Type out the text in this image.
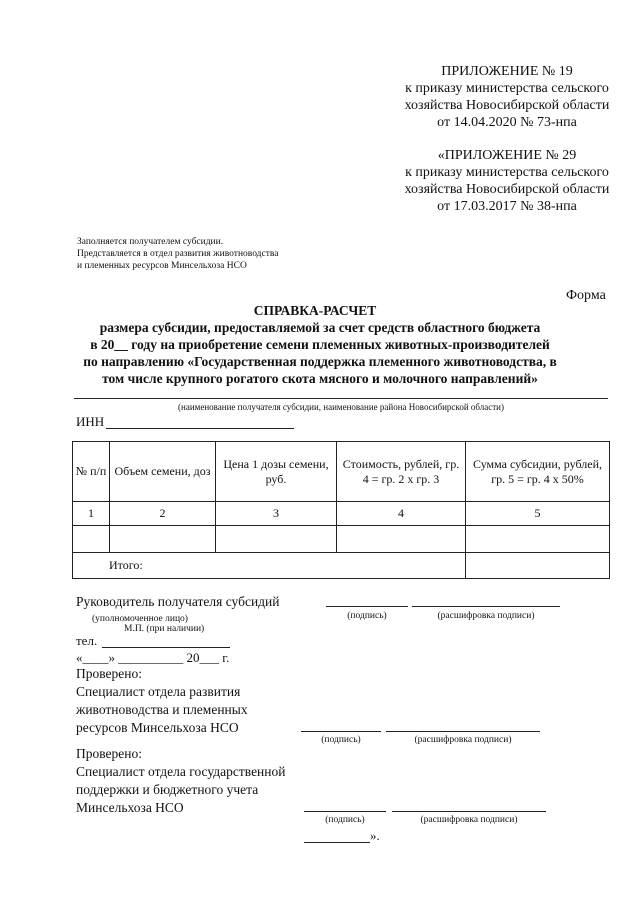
ПРИЛОЖЕНИЕ № 19
к приказу министерства сельского
хозяйства Новосибирской области
от 14.04.2020 № 73-нпа
«ПРИЛОЖЕНИЕ № 29
к приказу министерства сельского
хозяйства Новосибирской области
от 17.03.2017 № 38-нпа
Заполняется получателем субсидии.
Представляется в отдел развития животноводства
и племенных ресурсов Минсельхоза НСО
Форма
СПРАВКА-РАСЧЕТ
размера субсидии, предоставляемой за счет средств областного бюджета
в 20__ году на приобретение семени племенных животных-производителей
по направлению «Государственная поддержка племенного животноводства, в
том числе крупного рогатого скота мясного и молочного направлений»
(наименование получателя субсидии, наименование района Новосибирской области)
ИНН
№ п/п	Объем семени, доз	Цена 1 дозы семени, руб.	Стоимость, рублей, гр. 4 = гр. 2 х гр. 3	Сумма субсидии, рублей, гр. 5 = гр. 4 х 50%
1	2	3	4	5

Итого:				
Руководитель получателя субсидий
(уполномоченное лицо)	(подпись)	(расшифровка подписи)
М.П. (при наличии)
тел.
«____» __________ 20___ г.
Проверено:
Специалист отдела развития
животноводства и племенных
ресурсов Минсельхоза НСО
(подпись)	(расшифровка подписи)
Проверено:
Специалист отдела государственной
поддержки и бюджетного учета
Минсельхоза НСО
(подпись)	(расшифровка подписи)
».
